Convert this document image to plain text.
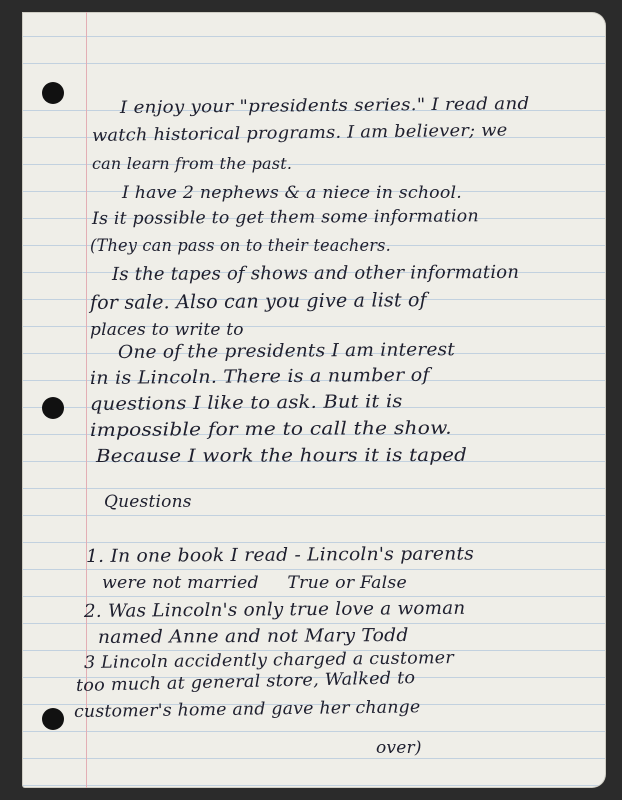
I enjoy your "presidents series." I read and
watch historical programs. I am believer; we
can learn from the past.
I have 2 nephews & a niece in school.
Is it possible to get them some information
(They can pass on to their teachers.
Is the tapes of shows and other information
for sale. Also can you give a list of
places to write to
One of the presidents I am interest
in is Lincoln. There is a number of
questions I like to ask. But it is
impossible for me to call the show.
Because I work the hours it is taped
Questions
1. In one book I read - Lincoln's parents
were not married     True or False
2. Was Lincoln's only true love a woman
named Anne and not Mary Todd
3 Lincoln accidently charged a customer
too much at general store, Walked to
customer's home and gave her change
over)
